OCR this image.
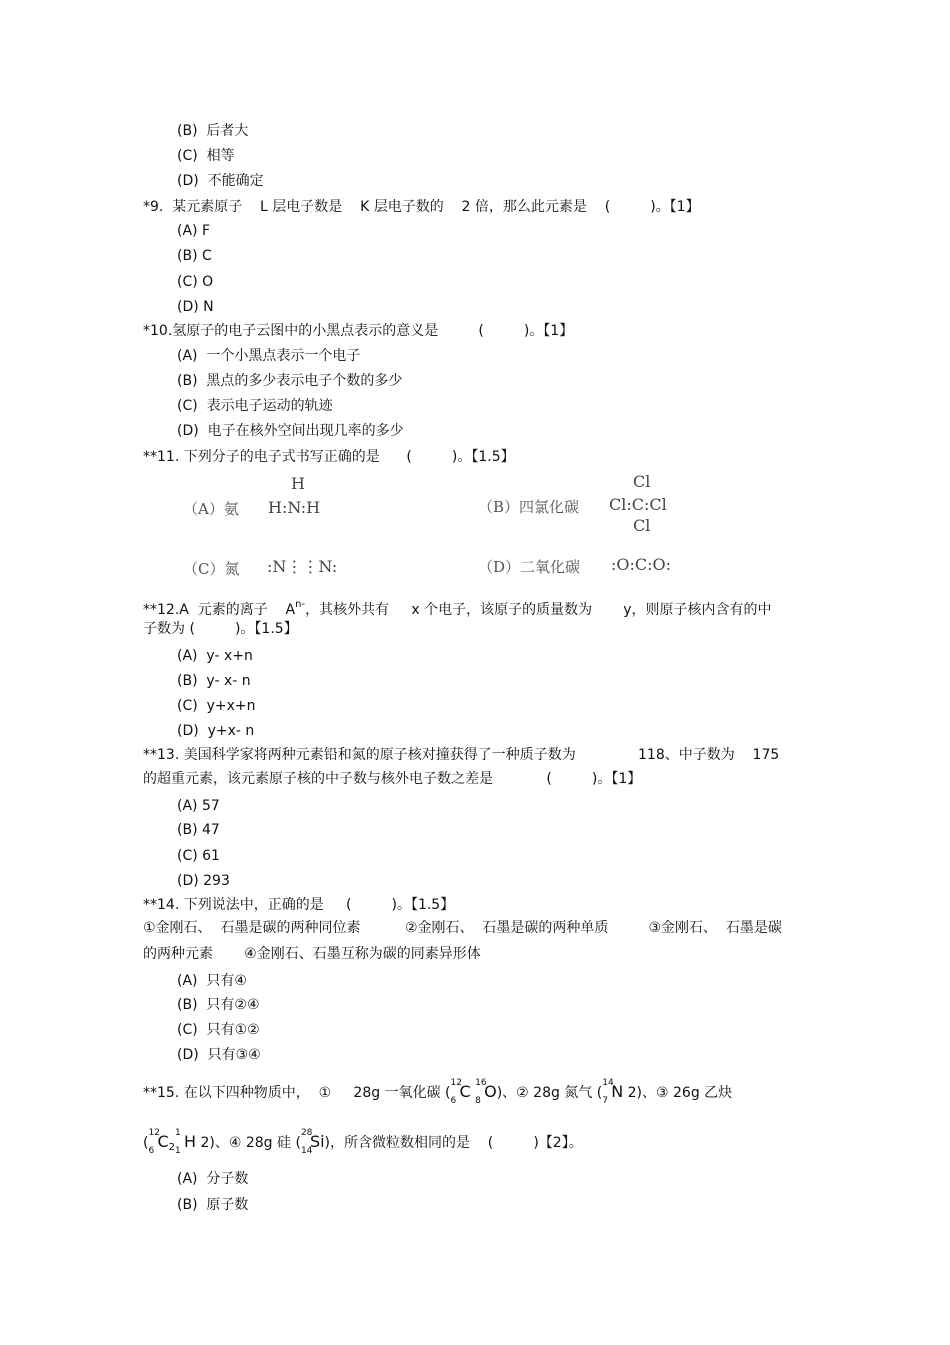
(B)  后者大
(C)  相等
(D)  不能确定
*9.  某元素原子    L 层电子数是    K 层电子数的    2 倍，那么此元素是    (         )。【1】
(A) F
(B) C
(C) O
(D) N
*10.氢原子的电子云图中的小黑点表示的意义是         (         )。【1】
(A)  一个小黑点表示一个电子
(B)  黑点的多少表示电子个数的多少
(C)  表示电子运动的轨迹
(D)  电子在核外空间出现几率的多少
**11. 下列分子的电子式书写正确的是      (         )。【1.5】
（A）氨
H
H:N:H	（B）四氯化碳
Cl
Cl:C:Cl
Cl
（C）氮 :N⋮⋮N:	（D）二氧化碳 :O:C:O:
**12.A  元素的离子    $A^{n-}$，其核外共有     x 个电子，该原子的质量数为       y，则原子核内含有的中
子数为 (         )。【1.5】
(A)  y- x+n
(B)  y- x- n
(C)  y+x+n
(D)  y+x- n
**13. 美国科学家将两种元素铅和氮的原子核对撞获得了一种质子数为              118、中子数为    175
的超重元素，该元素原子核的中子数与核外电子数之差是            (         )。【1】
(A) 57
(B) 47
(C) 61
(D) 293
**14. 下列说法中，正确的是     (         )。【1.5】
①金刚石、  石墨是碳的两种同位素          ②金刚石、  石墨是碳的两种单质         ③金刚石、  石墨是碳
的两种元素       ④金刚石、石墨互称为碳的同素异形体
(A)  只有④
(B)  只有②④
(C)  只有①②
(D)  只有③④
**15. 在以下四种物质中，  ①     28g 一氧化碳 (
12
6 C 16
8 O)、② 28g 氮气 (
14
7 N 2)、③ 26g 乙炔
(
12
6 $C_2$
1
1 H 2)、④ 28g 硅 (
28
14
Si)，所含微粒数相同的是    (         )【2】。
(A)  分子数
(B)  原子数
